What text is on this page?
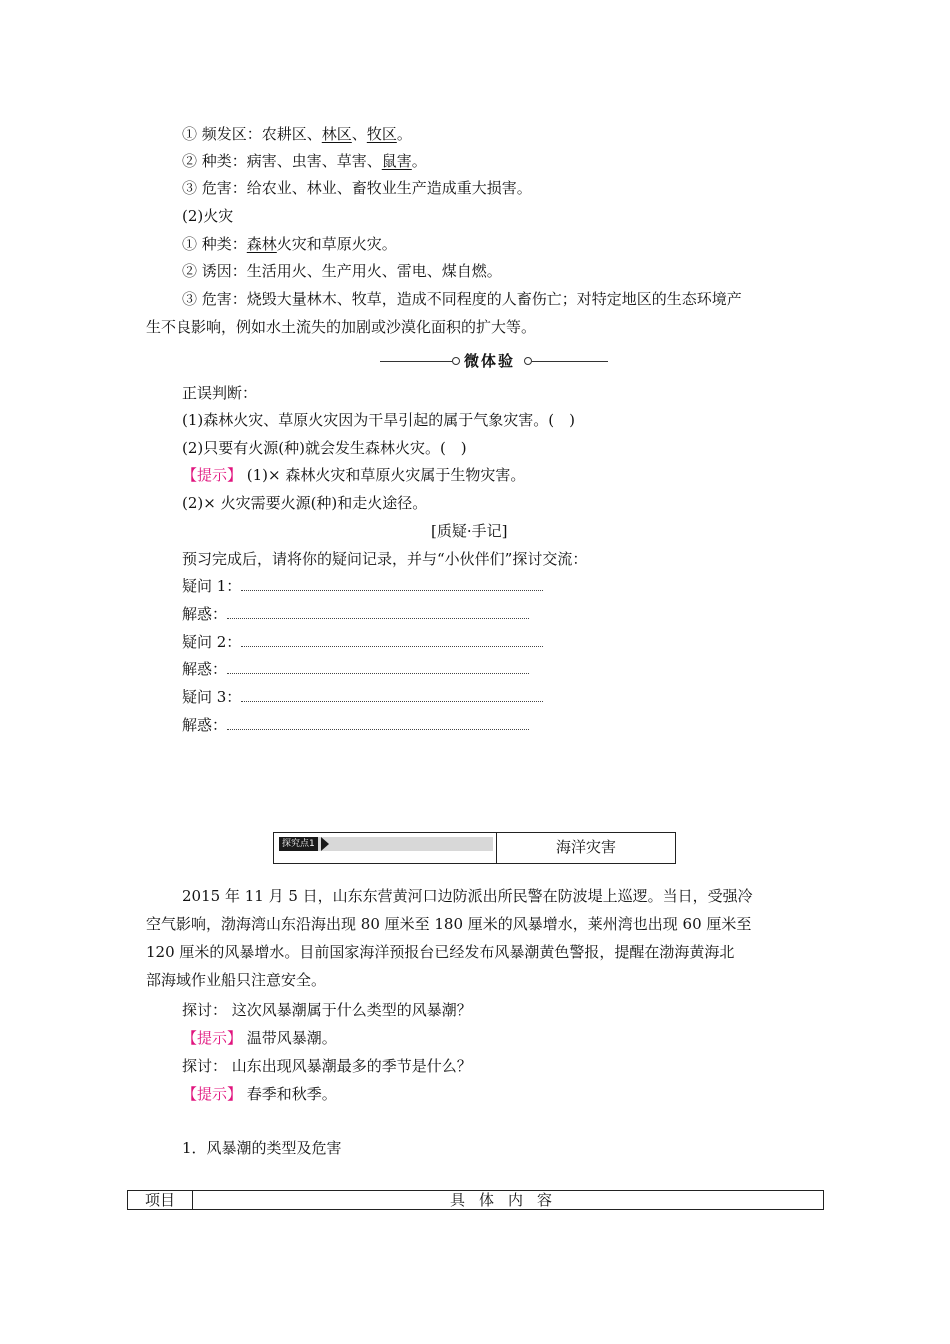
① 频发区：农耕区、林区、牧区。
② 种类：病害、虫害、草害、鼠害。
③ 危害：给农业、林业、畜牧业生产造成重大损害。
(2)火灾
① 种类：森林火灾和草原火灾。
② 诱因：生活用火、生产用火、雷电、煤自燃。
③ 危害：烧毁大量林木、牧草，造成不同程度的人畜伤亡；对特定地区的生态环境产
生不良影响，例如水土流失的加剧或沙漠化面积的扩大等。
微体验
正误判断：
(1)森林火灾、草原火灾因为干旱引起的属于气象灾害。(　)
(2)只要有火源(种)就会发生森林火灾。(　)
【提示】 (1)× 森林火灾和草原火灾属于生物灾害。
(2)× 火灾需要火源(种)和走火途径。
[质疑·手记]
预习完成后，请将你的疑问记录，并与“小伙伴们”探讨交流：
疑问 1：
解惑：
疑问 2：
解惑：
疑问 3：
解惑：
探究点1	海洋灾害
2015 年 11 月 5 日，山东东营黄河口边防派出所民警在防波堤上巡逻。当日，受强冷
空气影响，渤海湾山东沿海出现 80 厘米至 180 厘米的风暴增水，莱州湾也出现 60 厘米至
120 厘米的风暴增水。目前国家海洋预报台已经发布风暴潮黄色警报，提醒在渤海黄海北
部海域作业船只注意安全。
探讨： 这次风暴潮属于什么类型的风暴潮？
【提示】 温带风暴潮。
探讨： 山东出现风暴潮最多的季节是什么？
【提示】 春季和秋季。
1．风暴潮的类型及危害
项目	具体内容
